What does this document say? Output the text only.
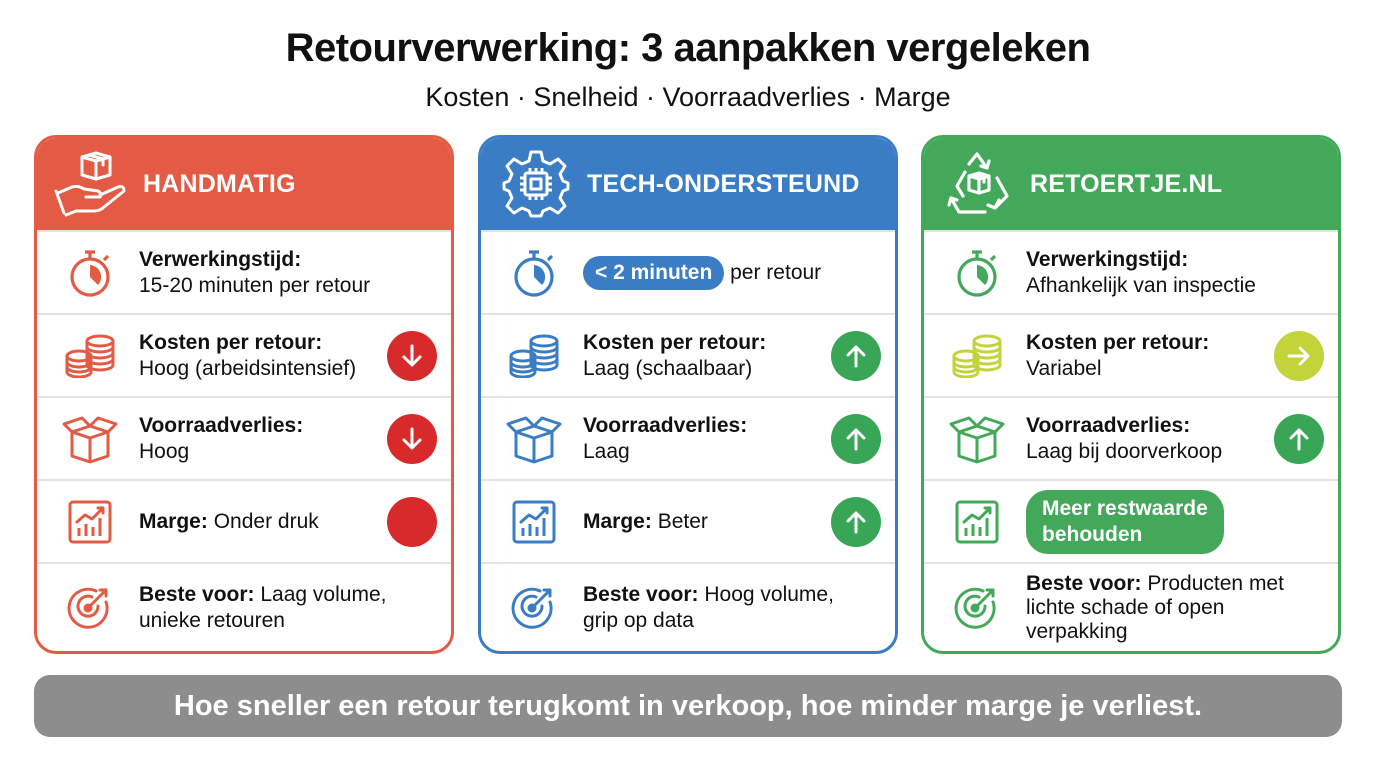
Retourverwerking: 3 aanpakken vergeleken
Kosten · Snelheid · Voorraadverlies · Marge
HANDMATIG
Verwerkingstijd:
15-20 minuten per retour
Kosten per retour:
Hoog (arbeidsintensief)
Voorraadverlies:
Hoog
Marge: Onder druk
Beste voor: Laag volume,
unieke retouren
TECH-ONDERSTEUND
< 2 minuten per retour
Kosten per retour:
Laag (schaalbaar)
Voorraadverlies:
Laag
Marge: Beter
Beste voor: Hoog volume,
grip op data
RETOERTJE.NL
Verwerkingstijd:
Afhankelijk van inspectie
Kosten per retour:
Variabel
Voorraadverlies:
Laag bij doorverkoop
Meer restwaarde
behouden
Beste voor: Producten met
lichte schade of open
verpakking
Hoe sneller een retour terugkomt in verkoop, hoe minder marge je verliest.
